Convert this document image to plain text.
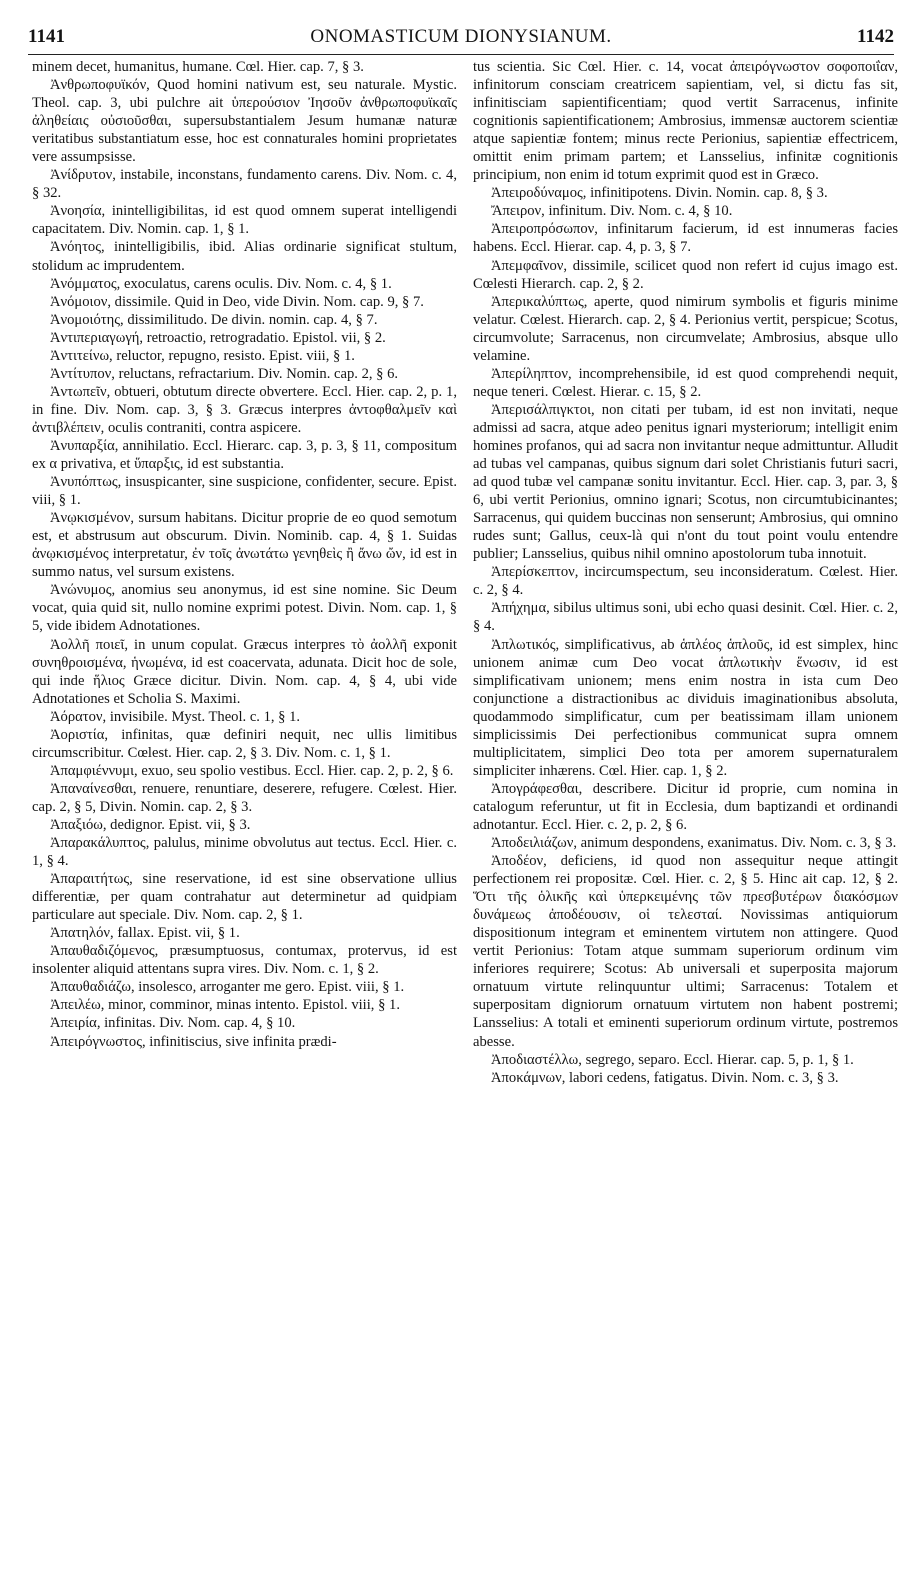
1141	ONOMASTICUM DIONYSIANUM.	1142

minem decet, humanitus, humane. Cœl. Hier. cap. 7, § 3.

Ἀνθρωποφυϊκόν, Quod homini nativum est, seu naturale. Mystic. Theol. cap. 3, ubi pulchre ait ὑπερούσιον Ἰησοῦν ἀνθρωποφυϊκαῖς ἀληθείαις οὐσιοῦσθαι, supersubstantialem Jesum humanæ naturæ veritatibus substantiatum esse, hoc est connaturales homini proprietates vere assumpsisse.

Ἀνίδρυτον, instabile, inconstans, fundamento carens. Div. Nom. c. 4, § 32.

Ἀνοησία, inintelligibilitas, id est quod omnem superat intelligendi capacitatem. Div. Nomin. cap. 1, § 1.

Ἀνόητος, inintelligibilis, ibid. Alias ordinarie significat stultum, stolidum ac imprudentem.

Ἀνόμματος, exoculatus, carens oculis. Div. Nom. c. 4, § 1.

Ἀνόμοιον, dissimile. Quid in Deo, vide Divin. Nom. cap. 9, § 7.

Ἀνομοιότης, dissimilitudo. De divin. nomin. cap. 4, § 7.

Ἀντιπεριαγωγή, retroactio, retrogradatio. Epistol. vii, § 2.

Ἀντιτείνω, reluctor, repugno, resisto. Epist. viii, § 1.

Ἀντίτυπον, reluctans, refractarium. Div. Nomin. cap. 2, § 6.

Ἀντωπεῖν, obtueri, obtutum directe obvertere. Eccl. Hier. cap. 2, p. 1, in fine. Div. Nom. cap. 3, § 3. Græcus interpres ἀντοφθαλμεῖν καὶ ἀντιβλέπειν, oculis contraniti, contra aspicere.

Ἀνυπαρξία, annihilatio. Eccl. Hierarc. cap. 3, p. 3, § 11, compositum ex α privativa, et ὕπαρξις, id est substantia.

Ἀνυπόπτως, insuspicanter, sine suspicione, confidenter, secure. Epist. viii, § 1.

Ἀνῳκισμένον, sursum habitans. Dicitur proprie de eo quod semotum est, et abstrusum aut obscurum. Divin. Nominib. cap. 4, § 1. Suidas ἀνῳκισμένος interpretatur, ἐν τοῖς ἀνωτάτω γενηθεὶς ἢ ἄνω ὤν, id est in summo natus, vel sursum existens.

Ἀνώνυμος, anomius seu anonymus, id est sine nomine. Sic Deum vocat, quia quid sit, nullo nomine exprimi potest. Divin. Nom. cap. 1, § 5, vide ibidem Adnotationes.

Ἀολλῆ ποιεῖ, in unum copulat. Græcus interpres τὸ ἀολλῆ exponit συνηθροισμένα, ἡνωμένα, id est coacervata, adunata. Dicit hoc de sole, qui inde ἥλιος Græce dicitur. Divin. Nom. cap. 4, § 4, ubi vide Adnotationes et Scholia S. Maximi.

Ἀόρατον, invisibile. Myst. Theol. c. 1, § 1.

Ἀοριστία, infinitas, quæ definiri nequit, nec ullis limitibus circumscribitur. Cœlest. Hier. cap. 2, § 3. Div. Nom. c. 1, § 1.

Ἀπαμφιέννυμι, exuo, seu spolio vestibus. Eccl. Hier. cap. 2, p. 2, § 6.

Ἀπαναίνεσθαι, renuere, renuntiare, deserere, refugere. Cœlest. Hier. cap. 2, § 5, Divin. Nomin. cap. 2, § 3.

Ἀπαξιόω, dedignor. Epist. vii, § 3.

Ἀπαρακάλυπτος, palulus, minime obvolutus aut tectus. Eccl. Hier. c. 1, § 4.

Ἀπαραιτήτως, sine reservatione, id est sine observatione ullius differentiæ, per quam contrahatur aut determinetur ad quidpiam particulare aut speciale. Div. Nom. cap. 2, § 1.

Ἀπατηλόν, fallax. Epist. vii, § 1.

Ἀπαυθαδιζόμενος, præsumptuosus, contumax, protervus, id est insolenter aliquid attentans supra vires. Div. Nom. c. 1, § 2.

Ἀπαυθαδιάζω, insolesco, arroganter me gero. Epist. viii, § 1.

Ἀπειλέω, minor, comminor, minas intento. Epistol. viii, § 1.

Ἀπειρία, infinitas. Div. Nom. cap. 4, § 10.

Ἀπειρόγνωστος, infinitiscius, sive infinita prædi-

tus scientia. Sic Cœl. Hier. c. 14, vocat ἀπειρόγνωστον σοφοποιΐαν, infinitorum consciam creatricem sapientiam, vel, si dictu fas sit, infinitisciam sapientificentiam; quod vertit Sarracenus, infinite cognitionis sapientificationem; Ambrosius, immensæ auctorem scientiæ atque sapientiæ fontem; minus recte Perionius, sapientiæ effectricem, omittit enim primam partem; et Lansselius, infinitæ cognitionis principium, non enim id totum exprimit quod est in Græco.

Ἀπειροδύναμος, infinitipotens. Divin. Nomin. cap. 8, § 3.

Ἄπειρον, infinitum. Div. Nom. c. 4, § 10.

Ἀπειροπρόσωπον, infinitarum facierum, id est innumeras facies habens. Eccl. Hierar. cap. 4, p. 3, § 7.

Ἀπεμφαῖνον, dissimile, scilicet quod non refert id cujus imago est. Cœlesti Hierarch. cap. 2, § 2.

Ἀπερικαλύπτως, aperte, quod nimirum symbolis et figuris minime velatur. Cœlest. Hierarch. cap. 2, § 4. Perionius vertit, perspicue; Scotus, circumvolute; Sarracenus, non circumvelate; Ambrosius, absque ullo velamine.

Ἀπερίληπτον, incomprehensibile, id est quod comprehendi nequit, neque teneri. Cœlest. Hierar. c. 15, § 2.

Ἀπερισάλπιγκτοι, non citati per tubam, id est non invitati, neque admissi ad sacra, atque adeo penitus ignari mysteriorum; intelligit enim homines profanos, qui ad sacra non invitantur neque admittuntur. Alludit ad tubas vel campanas, quibus signum dari solet Christianis futuri sacri, ad quod tubæ vel campanæ sonitu invitantur. Eccl. Hier. cap. 3, par. 3, § 6, ubi vertit Perionius, omnino ignari; Scotus, non circumtubicinantes; Sarracenus, qui quidem buccinas non senserunt; Ambrosius, qui omnino rudes sunt; Gallus, ceux-là qui n'ont du tout point voulu entendre publier; Lansselius, quibus nihil omnino apostolorum tuba innotuit.

Ἀπερίσκεπτον, incircumspectum, seu inconsideratum. Cœlest. Hier. c. 2, § 4.

Ἀπήχημα, sibilus ultimus soni, ubi echo quasi desinit. Cœl. Hier. c. 2, § 4.

Ἀπλωτικός, simplificativus, ab ἁπλέος ἁπλοῦς, id est simplex, hinc unionem animæ cum Deo vocat ἁπλωτικὴν ἕνωσιν, id est simplificativam unionem; mens enim nostra in ista cum Deo conjunctione a distractionibus ac dividuis imaginationibus absoluta, quodammodo simplificatur, cum per beatissimam illam unionem simplicissimis Dei perfectionibus communicat supra omnem multiplicitatem, simplici Deo tota per amorem supernaturalem simpliciter inhærens. Cœl. Hier. cap. 1, § 2.

Ἀπογράφεσθαι, describere. Dicitur id proprie, cum nomina in catalogum referuntur, ut fit in Ecclesia, dum baptizandi et ordinandi adnotantur. Eccl. Hier. c. 2, p. 2, § 6.

Ἀποδειλιάζων, animum despondens, exanimatus. Div. Nom. c. 3, § 3.

Ἀποδέον, deficiens, id quod non assequitur neque attingit perfectionem rei propositæ. Cœl. Hier. c. 2, § 5. Hinc ait cap. 12, § 2. Ὅτι τῆς ὁλικῆς καὶ ὑπερκειμένης τῶν πρεσβυτέρων διακόσμων δυνάμεως ἀποδέουσιν, οἱ τελεσταί. Novissimas antiquiorum dispositionum integram et eminentem virtutem non attingere. Quod vertit Perionius: Totam atque summam superiorum ordinum vim inferiores requirere; Scotus: Ab universali et superposita majorum ornatuum virtute relinquuntur ultimi; Sarracenus: Totalem et superpositam digniorum ornatuum virtutem non habent postremi; Lansselius: A totali et eminenti superiorum ordinum virtute, postremos abesse.

Ἀποδιαστέλλω, segrego, separo. Eccl. Hierar. cap. 5, p. 1, § 1.

Ἀποκάμνων, labori cedens, fatigatus. Divin. Nom. c. 3, § 3.
